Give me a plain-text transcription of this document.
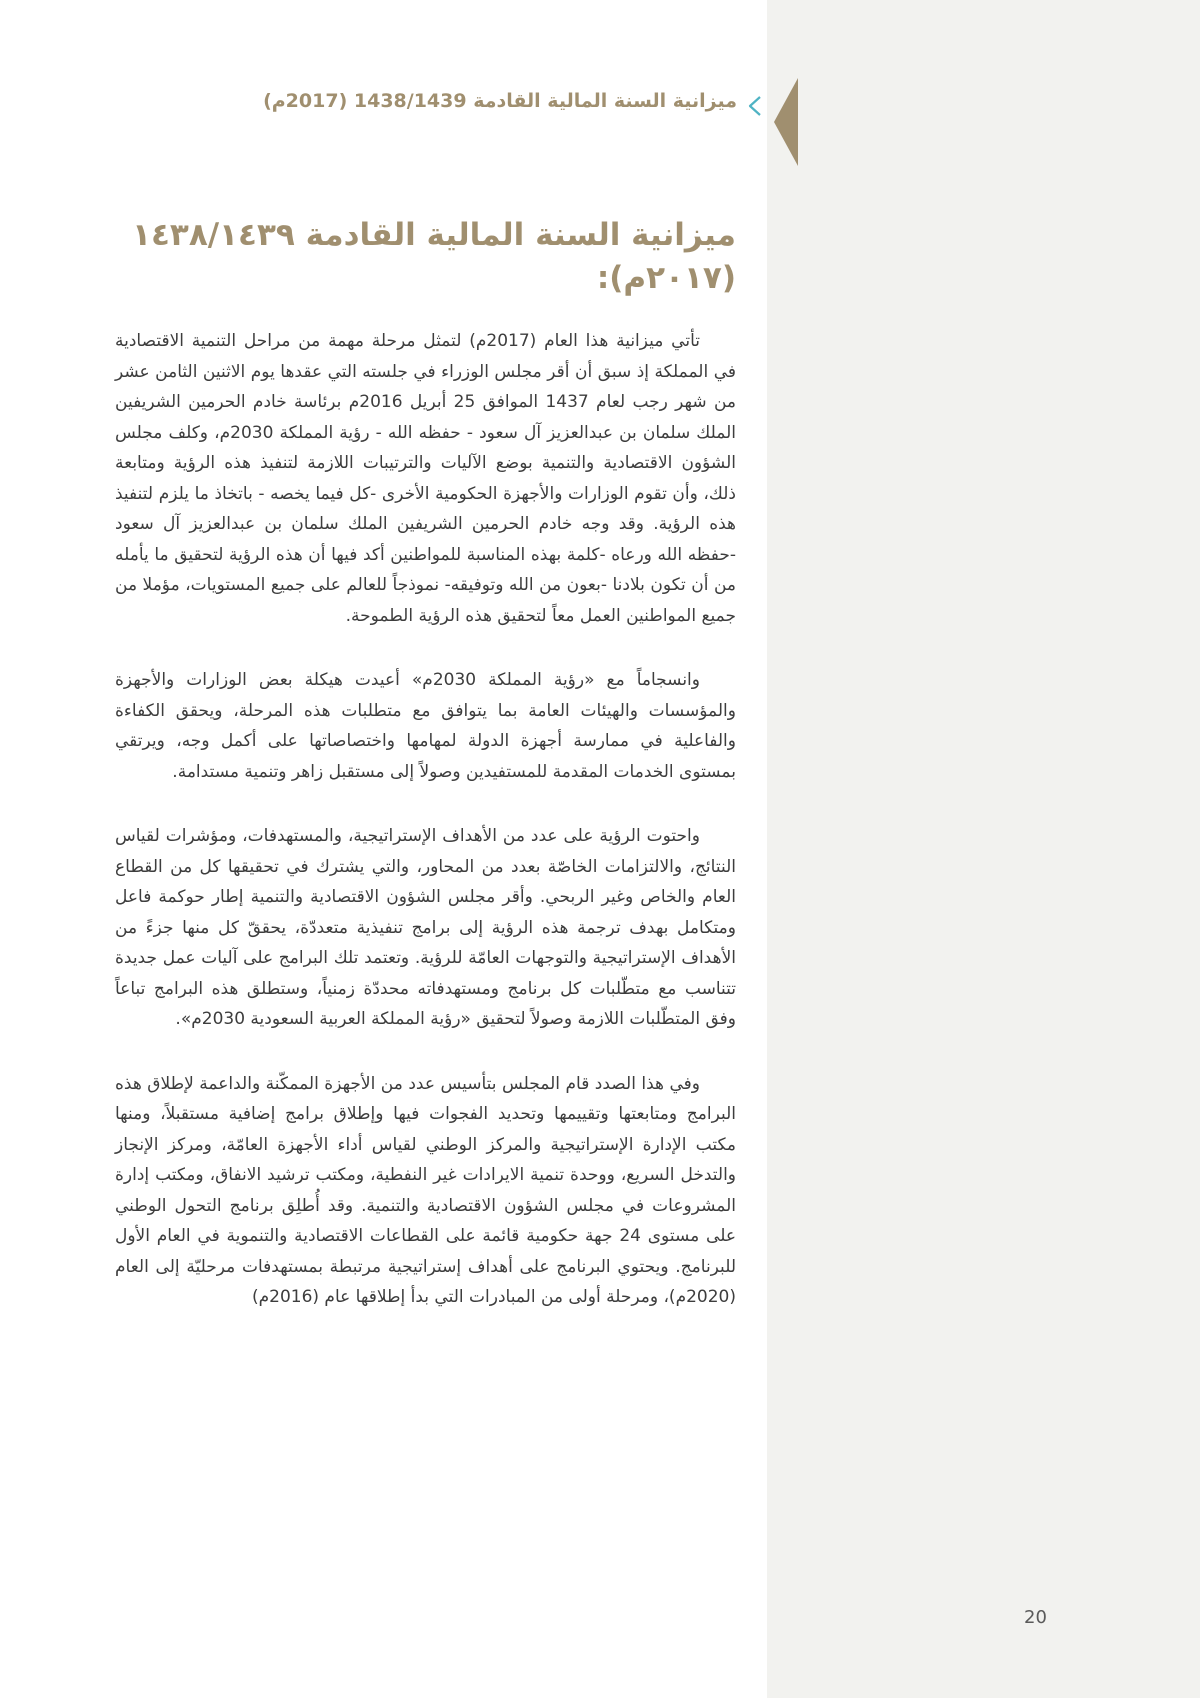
ميزانية السنة المالية القادمة 1438/1439 (2017م)
ميزانية السنة المالية القادمة ١٤٣٨/١٤٣٩ (٢٠١٧م):

تأتي ميزانية هذا العام (2017م) لتمثل مرحلة مهمة من مراحل التنمية الاقتصادية في المملكة إذ سبق أن أقر مجلس الوزراء في جلسته التي عقدها يوم الاثنين الثامن عشر من شهر رجب لعام 1437 الموافق 25 أبريل 2016م برئاسة خادم الحرمين الشريفين الملك سلمان بن عبدالعزيز آل سعود - حفظه الله - رؤية المملكة 2030م، وكلف مجلس الشؤون الاقتصادية والتنمية بوضع الآليات والترتيبات اللازمة لتنفيذ هذه الرؤية ومتابعة ذلك، وأن تقوم الوزارات والأجهزة الحكومية الأخرى -كل فيما يخصه - باتخاذ ما يلزم لتنفيذ هذه الرؤية. وقد وجه خادم الحرمين الشريفين الملك سلمان بن عبدالعزيز آل سعود -حفظه الله ورعاه -كلمة بهذه المناسبة للمواطنين أكد فيها أن هذه الرؤية لتحقيق ما يأمله من أن تكون بلادنا -بعون من الله وتوفيقه- نموذجاً للعالم على جميع المستويات، مؤملا من جميع المواطنين العمل معاً لتحقيق هذه الرؤية الطموحة.

وانسجاماً مع «رؤية المملكة 2030م» أعيدت هيكلة بعض الوزارات والأجهزة والمؤسسات والهيئات العامة بما يتوافق مع متطلبات هذه المرحلة، ويحقق الكفاءة والفاعلية في ممارسة أجهزة الدولة لمهامها واختصاصاتها على أكمل وجه، ويرتقي بمستوى الخدمات المقدمة للمستفيدين وصولاً إلى مستقبل زاهر وتنمية مستدامة.

واحتوت الرؤية على عدد من الأهداف الإستراتيجية، والمستهدفات، ومؤشرات لقياس النتائج، والالتزامات الخاصّة بعدد من المحاور، والتي يشترك في تحقيقها كل من القطاع العام والخاص وغير الربحي. وأقر مجلس الشؤون الاقتصادية والتنمية إطار حوكمة فاعل ومتكامل بهدف ترجمة هذه الرؤية إلى برامج تنفيذية متعددّة، يحققّ كل منها جزءً من الأهداف الإستراتيجية والتوجهات العامّة للرؤية. وتعتمد تلك البرامج على آليات عمل جديدة تتناسب مع متطّلبات كل برنامج ومستهدفاته محددّة زمنياً، وستطلق هذه البرامج تباعاً وفق المتطّلبات اللازمة وصولاً لتحقيق «رؤية المملكة العربية السعودية 2030م».

وفي هذا الصدد قام المجلس بتأسيس عدد من الأجهزة الممكّنة والداعمة لإطلاق هذه البرامج ومتابعتها وتقييمها وتحديد الفجوات فيها وإطلاق برامج إضافية مستقبلاً، ومنها مكتب الإدارة الإستراتيجية والمركز الوطني لقياس أداء الأجهزة العامّة، ومركز الإنجاز والتدخل السريع، ووحدة تنمية الايرادات غير النفطية، ومكتب ترشيد الانفاق، ومكتب إدارة المشروعات في مجلس الشؤون الاقتصادية والتنمية. وقد أُطلِق برنامج التحول الوطني على مستوى 24 جهة حكومية قائمة على القطاعات الاقتصادية والتنموية في العام الأول للبرنامج. ويحتوي البرنامج على أهداف إستراتيجية مرتبطة بمستهدفات مرحليّة إلى العام (2020م)، ومرحلة أولى من المبادرات التي بدأ إطلاقها عام (2016م)

20
